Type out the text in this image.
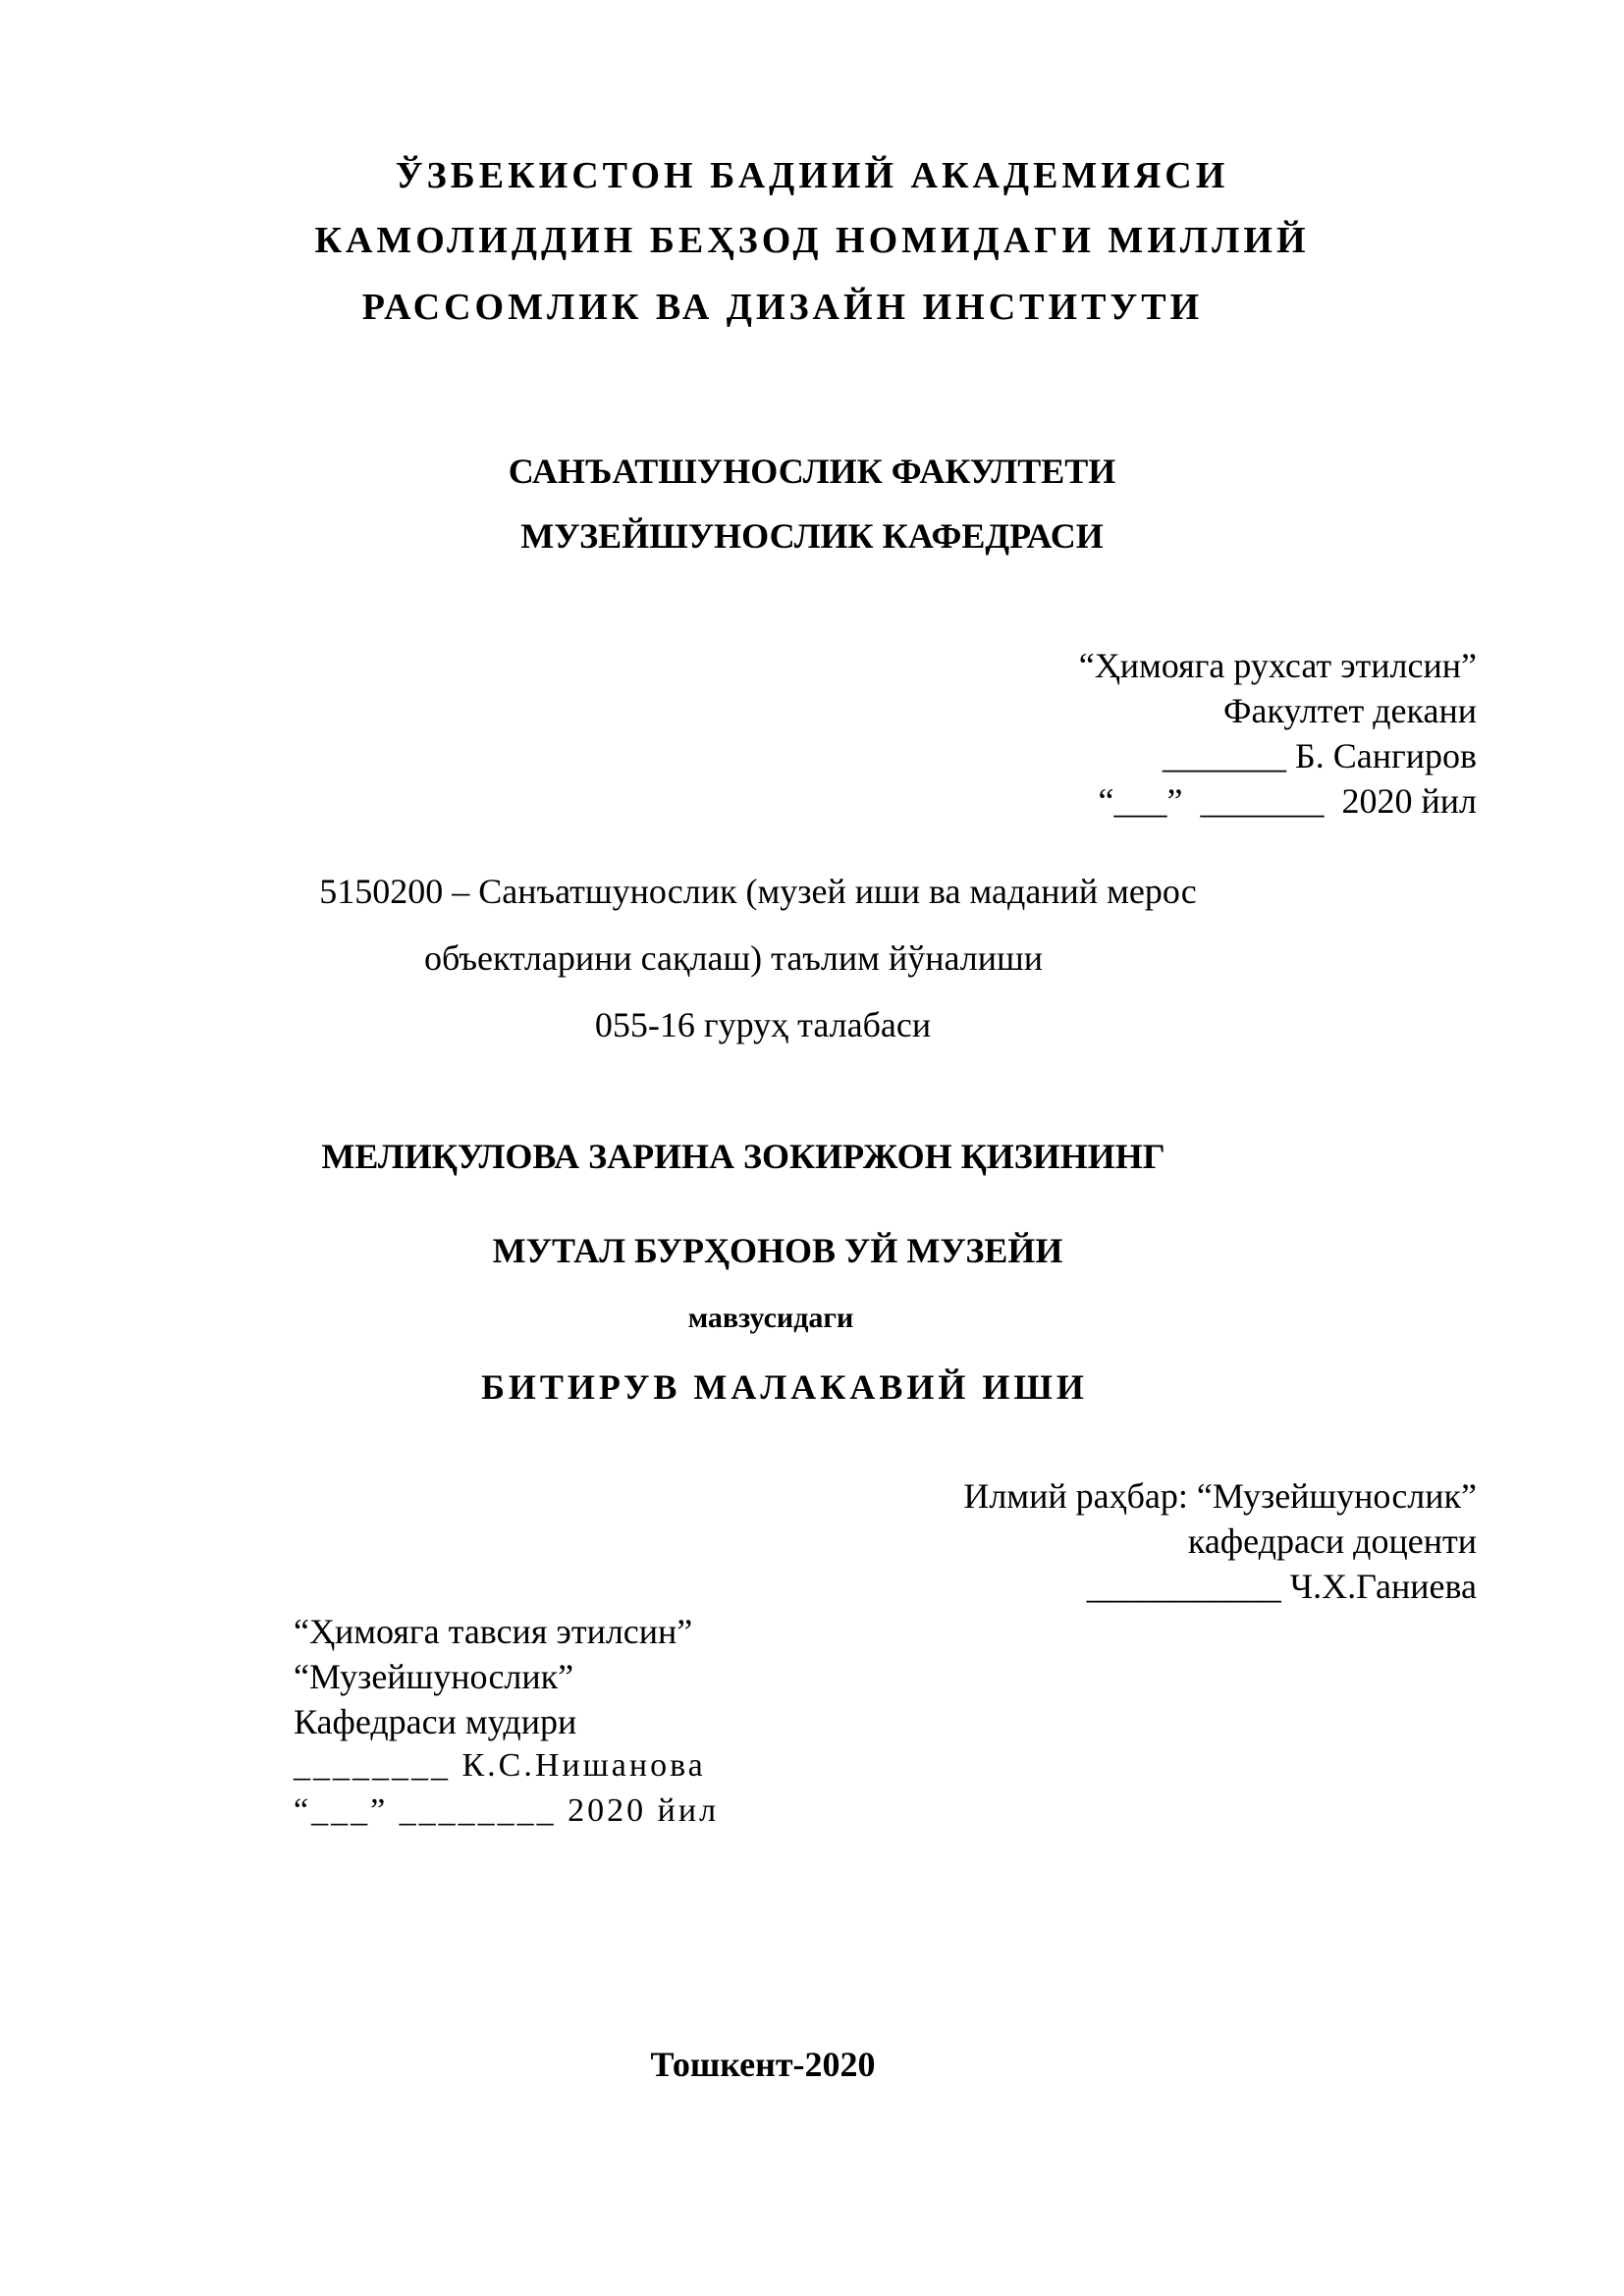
ЎЗБЕКИСТОН БАДИИЙ АКАДЕМИЯСИ
КАМОЛИДДИН БЕҲЗОД НОМИДАГИ МИЛЛИЙ
РАССОМЛИК ВА ДИЗАЙН ИНСТИТУТИ
САНЪАТШУНОСЛИК ФАКУЛТЕТИ
МУЗЕЙШУНОСЛИК КАФЕДРАСИ
“Ҳимояга рухсат этилсин”
Факултет декани
_______ Б. Сангиров
“___”  _______  2020 йил
5150200 – Санъатшунослик (музей иши ва маданий мерос
объектларини сақлаш) таълим йўналиши
055-16 гуруҳ талабаси
МЕЛИҚУЛОВА ЗАРИНА ЗОКИРЖОН ҚИЗИНИНГ
МУТАЛ БУРҲОНОВ УЙ МУЗЕЙИ
мавзусидаги
БИТИРУВ МАЛАКАВИЙ ИШИ
Илмий раҳбар: “Музейшунослик”
кафедраси доценти
___________ Ч.Х.Ганиева
“Ҳимояга тавсия этилсин”
“Музейшунослик”
Кафедраси мудири
________ К.С.Нишанова
“___” ________ 2020 йил
Тошкент-2020
